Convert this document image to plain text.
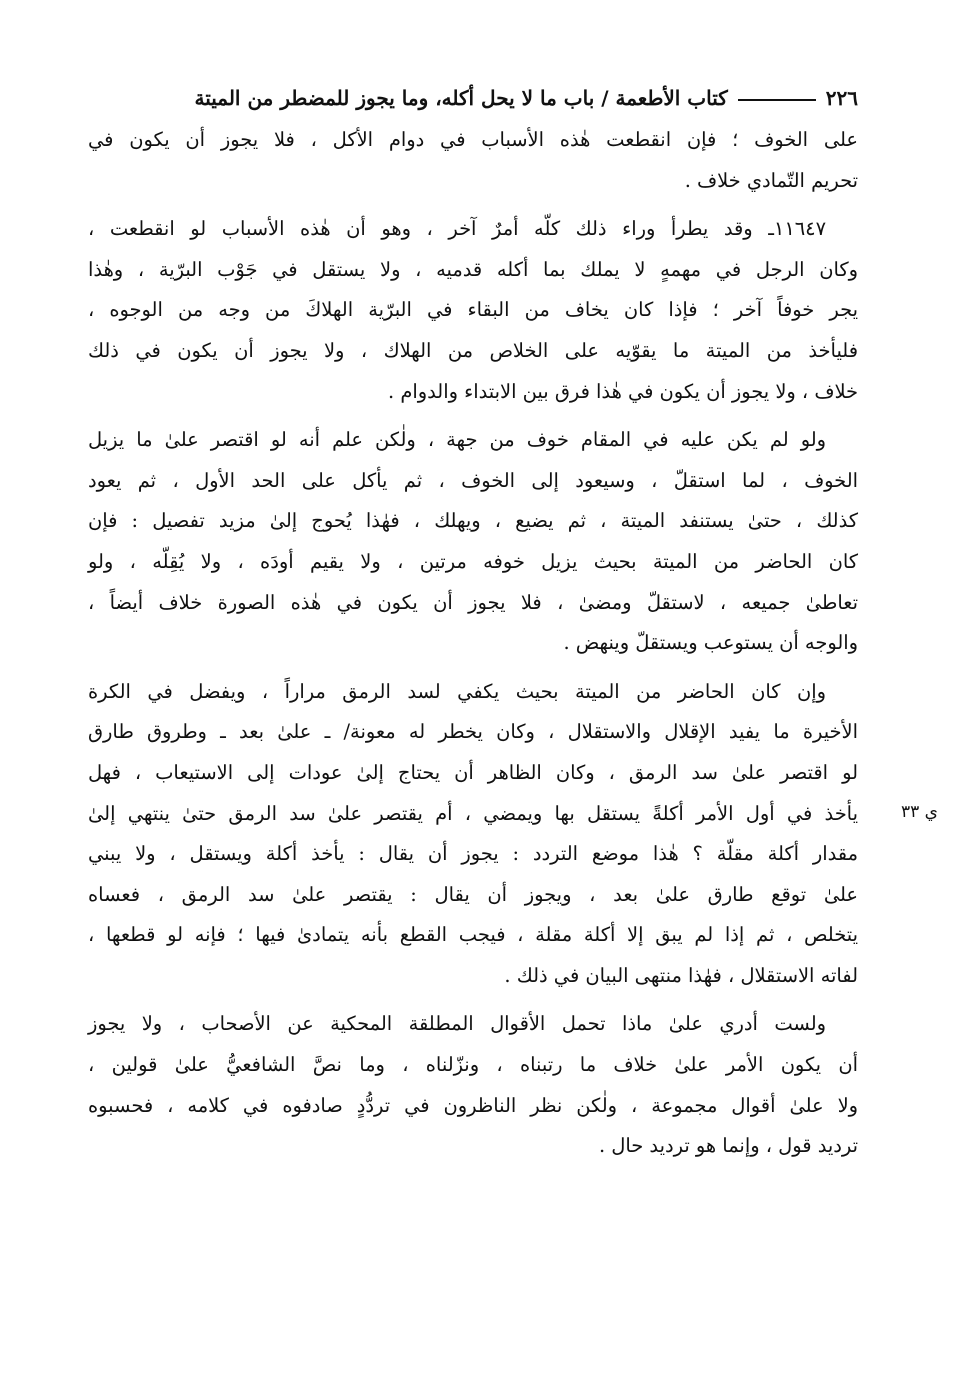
٢٢٦
كتاب الأطعمة / باب ما لا يحل أكله، وما يجوز للمضطر من الميتة
ي ٣٣
على الخوف ؛ فإن انقطعت هٰذه الأسباب في دوام الأكل ، فلا يجوز أن يكون في
تحريم التّمادي خلاف .
١١٦٤٧ـ وقد يطرأ وراء ذلك كلّه أمرٌ آخر ، وهو أن هٰذه الأسباب لو انقطعت ،
وكان الرجل في مهمهٍ لا يملك بما أكله قدميه ، ولا يستقل في جَوْب البرّية ، وهٰذا
يجر خوفاً آخر ؛ فإذا كان يخاف من البقاء في البرّية الهلاكَ من وجه من الوجوه ،
فليأخذ من الميتة ما يقوّيه على الخلاص من الهلاك ، ولا يجوز أن يكون في ذلك
خلاف ، ولا يجوز أن يكون في هٰذا فرق بين الابتداء والدوام .
ولو لم يكن عليه في المقام خوف من جهة ، ولٰكن علم أنه لو اقتصر علىٰ ما يزيل
الخوف ، لما استقلّ ، وسيعود إلى الخوف ، ثم يأكل على الحد الأول ، ثم يعود
كذلك ، حتىٰ يستنفد الميتة ، ثم يضيع ، ويهلك ، فهٰذا يُحوج إلىٰ مزيد تفصيل : فإن
كان الحاضر من الميتة بحيث يزيل خوفه مرتين ، ولا يقيم أودَه ، ولا يُقِلّه ، ولو
تعاطىٰ جميعه ، لاستقلّ ومضىٰ ، فلا يجوز أن يكون في هٰذه الصورة خلاف أيضاً ،
والوجه أن يستوعب ويستقلّ وينهض .
وإن كان الحاضر من الميتة بحيث يكفي لسد الرمق مراراً ، ويفضل في الكرة
الأخيرة ما يفيد الإقلال والاستقلال ، وكان يخطر له معونة/ ـ علىٰ بعد ـ وطروق طارق
لو اقتصر علىٰ سد الرمق ، وكان الظاهر أن يحتاج إلىٰ عودات إلى الاستيعاب ، فهل
يأخذ في أول الأمر أكلةً يستقل بها ويمضي ، أم يقتصر علىٰ سد الرمق حتىٰ ينتهي إلىٰ
مقدار أكلة مقلّة ؟ هٰذا موضع التردد : يجوز أن يقال : يأخذ أكلة ويستقل ، ولا يبني
علىٰ توقع طارق علىٰ بعد ، ويجوز أن يقال : يقتصر علىٰ سد الرمق ، فعساه
يتخلص ، ثم إذا لم يبق إلا أكلة مقلة ، فيجب القطع بأنه يتمادىٰ فيها ؛ فإنه لو قطعها ،
لفاته الاستقلال ، فهٰذا منتهى البيان في ذلك .
ولست أدري علىٰ ماذا تحمل الأقوال المطلقة المحكية عن الأصحاب ، ولا يجوز
أن يكون الأمر علىٰ خلاف ما رتبناه ، ونزّلناه ، وما نصَّ الشافعيُّ علىٰ قولين ،
ولا علىٰ أقوال مجموعة ، ولٰكن نظر الناظرون في تردُّدٍ صادفوه في كلامه ، فحسبوه
ترديد قول ، وإنما هو ترديد حال .
